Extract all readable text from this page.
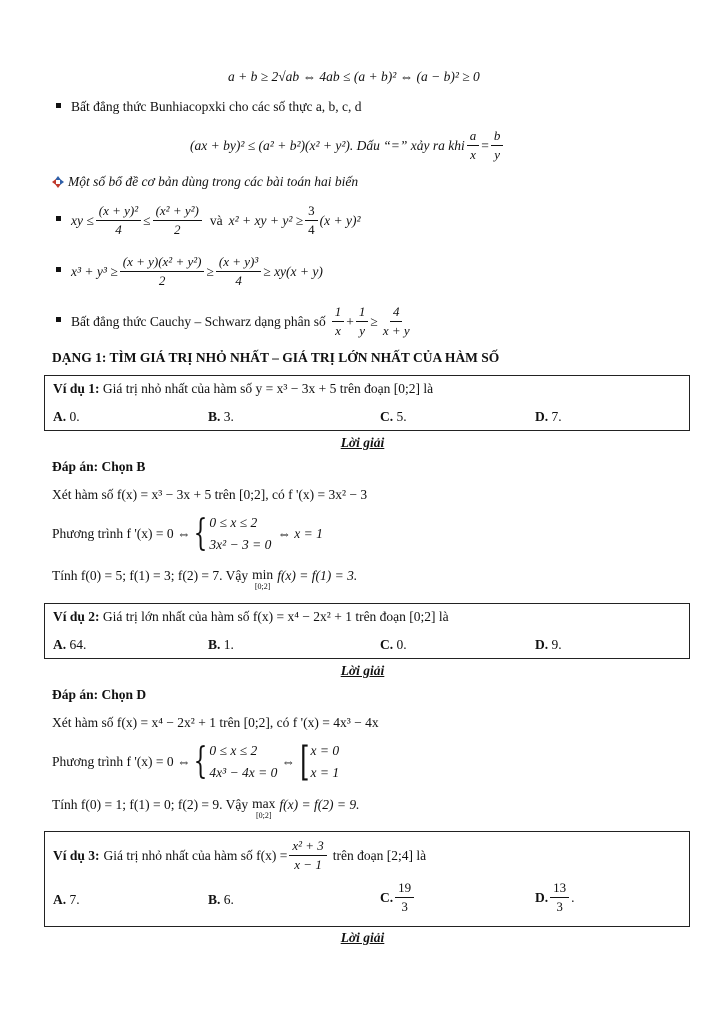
a + b ≥ 2√ab ⇔ 4ab ≤ (a + b)² ⇔ (a − b)² ≥ 0
Bất đẳng thức Bunhiacopxki cho các số thực a, b, c, d
(ax + by)² ≤ (a² + b²)(x² + y²). Dấu “=” xảy ra khi $\frac{a}{x} = \frac{b}{y}$
Một số bổ đề cơ bản dùng trong các bài toán hai biến
xy ≤ $\frac{\text{(x + y)²}}{4} \le \frac{\text{(x² + y²)}}{2}$ và x² + xy + $y^2 \ge \frac{3}{4} (x + y)^2$
$x^3 + y^3 \ge \frac{\text{(x + y)(x² + y²)}}{2} \ge \frac{\text{(x + y)³}}{4} \ge xy(x + y)$
Bất đẳng thức Cauchy – Schwarz dạng phân số $\frac{1}{x} + \frac{1}{y} \ge \frac{4}{x + y}$
DẠNG 1: TÌM GIÁ TRỊ NHỎ NHẤT – GIÁ TRỊ LỚN NHẤT CỦA HÀM SỐ
Ví dụ 1: Giá trị nhỏ nhất của hàm số y = x³ − 3x + 5 trên đoạn [0;2] là
A. 0.	B. 3.	C. 5.	D. 7.
Lời giải
Đáp án: Chọn B
Xét hàm số f(x) = x³ − 3x + 5 trên [0;2], có f '(x) = 3x² − 3
Phương trình f '(x) = 0 ⇔ { 0 ≤ x ≤ 2
3x² − 3 = 0
⇔ x = 1
Tính f(0) = 5; f(1) = 3; f(2) = 7. Vậy min
[0;2]
f(x) = f(1) = 3.
Ví dụ 2: Giá trị lớn nhất của hàm số f(x) = x⁴ − 2x² + 1 trên đoạn [0;2] là
A. 64.	B. 1.	C. 0.	D. 9.
Lời giải
Đáp án: Chọn D
Xét hàm số f(x) = x⁴ − 2x² + 1 trên [0;2], có f '(x) = 4x³ − 4x
Phương trình f '(x) = 0 ⇔ { 0 ≤ x ≤ 2
4x³ − 4x = 0
⇔ [ x = 0
x = 1
Tính f(0) = 1; f(1) = 0; f(2) = 9. Vậy max
[0;2]
f(x) = f(2) = 9.
Ví dụ 3: Giá trị nhỏ nhất của hàm số $f(x) = \frac{\text{x² + 3}}{x - 1}$ trên đoạn [2;4] là
A. 7.	B. 6.	C. $\frac{19}{3}$	D. $\frac{13}{3}$ .
Lời giải
